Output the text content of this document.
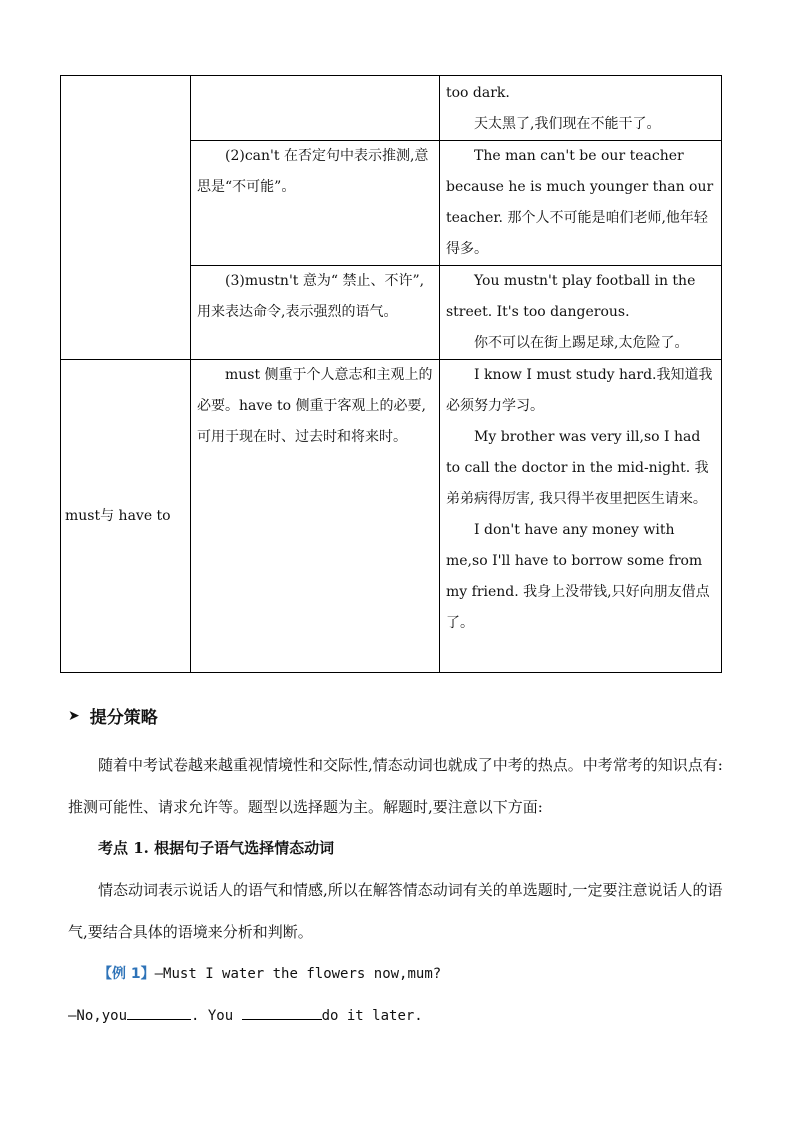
		too dark.

天太黑了,我们现在不能干了。

	(2)can't 在否定句中表示推测,意思是“不可能”。	The man can't be our teacher because he is much younger than our teacher. 那个人不可能是咱们老师,他年轻得多。

	(3)mustn't 意为“ 禁止、不许”, 用来表达命令,表示强烈的语气。	You mustn't play football in the street. It's too dangerous.

你不可以在街上踢足球,太危险了。

must与 have to	must 侧重于个人意志和主观上的必要。have to 侧重于客观上的必要,可用于现在时、过去时和将来时。	I know I must study hard.我知道我必须努力学习。

My brother was very ill,so I had to call the doctor in the mid-night. 我弟弟病得厉害, 我只得半夜里把医生请来。

I don't have any money with me,so I'll have to borrow some from my friend. 我身上没带钱,只好向朋友借点了。

➤ 提分策略

随着中考试卷越来越重视情境性和交际性,情态动词也就成了中考的热点。中考常考的知识点有:推测可能性、请求允许等。题型以选择题为主。解题时,要注意以下方面:

考点 1. 根据句子语气选择情态动词

情态动词表示说话人的语气和情感,所以在解答情态动词有关的单选题时,一定要注意说话人的语气,要结合具体的语境来分析和判断。

【例 1】—Must I water the flowers now,mum?
—No,you	. You	do it later.
